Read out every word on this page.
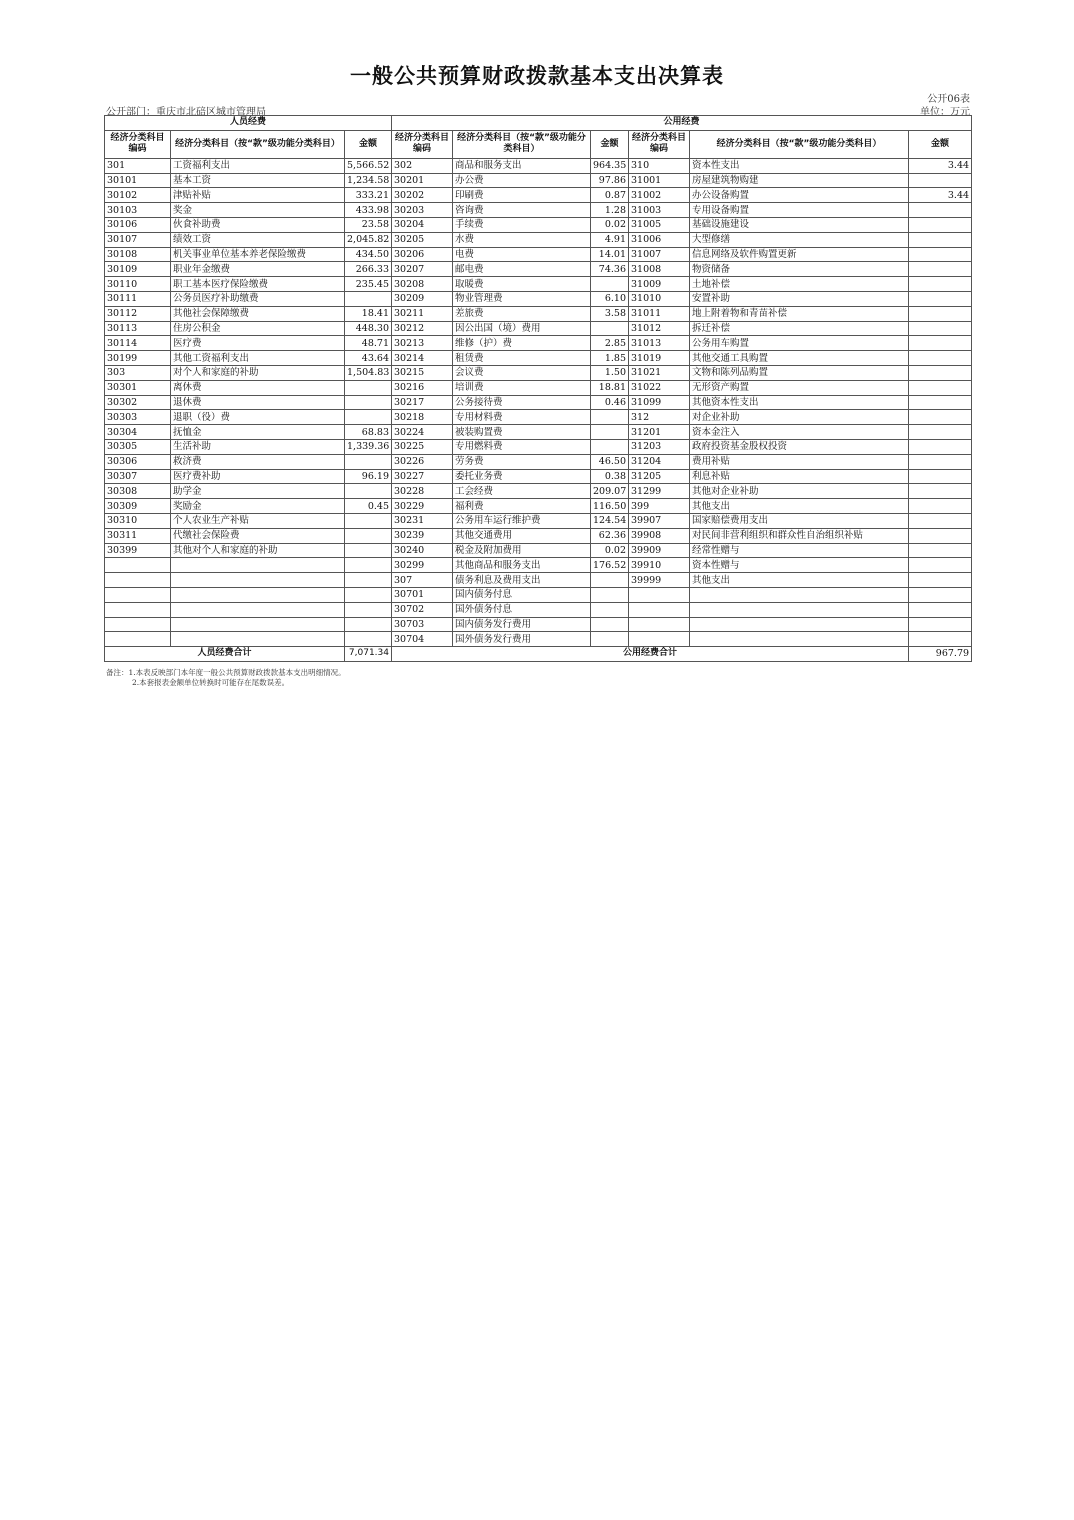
一般公共预算财政拨款基本支出决算表
公开06表
公开部门：重庆市北碚区城市管理局	单位：万元
人员经费			公用经费					
经济分类科目编码	经济分类科目（按“款”级功能分类科目）	金额	经济分类科目编码	经济分类科目（按“款”级功能分类科目）	金额	经济分类科目编码	经济分类科目（按“款”级功能分类科目）	金额
301	工资福利支出	5,566.52	302	商品和服务支出	964.35	310	资本性支出	3.44
30101	基本工资	1,234.58	30201	办公费	97.86	31001	房屋建筑物购建	
30102	津贴补贴	333.21	30202	印刷费	0.87	31002	办公设备购置	3.44
30103	奖金	433.98	30203	咨询费	1.28	31003	专用设备购置	
30106	伙食补助费	23.58	30204	手续费	0.02	31005	基础设施建设	
30107	绩效工资	2,045.82	30205	水费	4.91	31006	大型修缮	
30108	机关事业单位基本养老保险缴费	434.50	30206	电费	14.01	31007	信息网络及软件购置更新	
30109	职业年金缴费	266.33	30207	邮电费	74.36	31008	物资储备	
30110	职工基本医疗保险缴费	235.45	30208	取暖费		31009	土地补偿	
30111	公务员医疗补助缴费		30209	物业管理费	6.10	31010	安置补助	
30112	其他社会保障缴费	18.41	30211	差旅费	3.58	31011	地上附着物和青苗补偿	
30113	住房公积金	448.30	30212	因公出国（境）费用		31012	拆迁补偿	
30114	医疗费	48.71	30213	维修（护）费	2.85	31013	公务用车购置	
30199	其他工资福利支出	43.64	30214	租赁费	1.85	31019	其他交通工具购置	
303	对个人和家庭的补助	1,504.83	30215	会议费	1.50	31021	文物和陈列品购置	
30301	离休费		30216	培训费	18.81	31022	无形资产购置	
30302	退休费		30217	公务接待费	0.46	31099	其他资本性支出	
30303	退职（役）费		30218	专用材料费		312	对企业补助	
30304	抚恤金	68.83	30224	被装购置费		31201	资本金注入	
30305	生活补助	1,339.36	30225	专用燃料费		31203	政府投资基金股权投资	
30306	救济费		30226	劳务费	46.50	31204	费用补贴	
30307	医疗费补助	96.19	30227	委托业务费	0.38	31205	利息补贴	
30308	助学金		30228	工会经费	209.07	31299	其他对企业补助	
30309	奖励金	0.45	30229	福利费	116.50	399	其他支出	
30310	个人农业生产补贴		30231	公务用车运行维护费	124.54	39907	国家赔偿费用支出	
30311	代缴社会保险费		30239	其他交通费用	62.36	39908	对民间非营利组织和群众性自治组织补贴	
30399	其他对个人和家庭的补助		30240	税金及附加费用	0.02	39909	经常性赠与	
			30299	其他商品和服务支出	176.52	39910	资本性赠与	
			307	债务利息及费用支出		39999	其他支出	
			30701	国内债务付息				
			30702	国外债务付息				
			30703	国内债务发行费用				
			30704	国外债务发行费用				
人员经费合计		7,071.34	公用经费合计					967.79
备注：1.本表反映部门本年度一般公共预算财政拨款基本支出明细情况。
2.本套报表金额单位转换时可能存在尾数误差。
